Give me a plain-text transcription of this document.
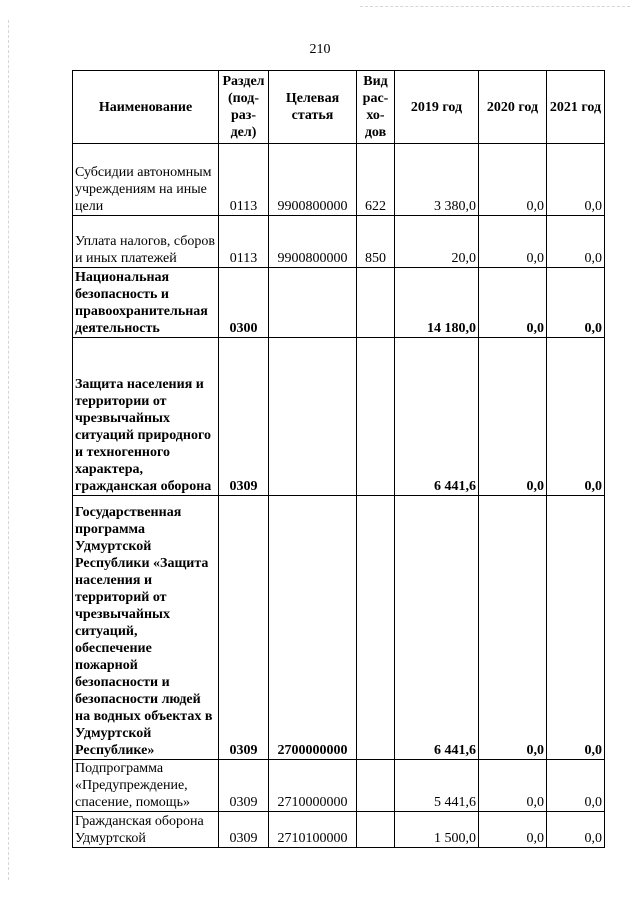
210
Наименование	Раздел (под-раз-дел)	Целевая статья	Вид рас-хо-дов	2019 год	2020 год	2021 год
Субсидии автономным учреждениям на иные цели	0113	9900800000	622	3 380,0	0,0	0,0
Уплата налогов, сборов и иных платежей	0113	9900800000	850	20,0	0,0	0,0
Национальная безопасность и правоохранительная деятельность	0300			14 180,0	0,0	0,0
Защита населения и территории от чрезвычайных ситуаций природного и техногенного характера, гражданская оборона	0309			6 441,6	0,0	0,0
Государственная программа Удмуртской Республики «Защита населения и территорий от чрезвычайных ситуаций, обеспечение пожарной безопасности и безопасности людей на водных объектах в Удмуртской Республике»	0309	2700000000		6 441,6	0,0	0,0
Подпрограмма «Предупреждение, спасение, помощь»	0309	2710000000		5 441,6	0,0	0,0
Гражданская оборона Удмуртской	0309	2710100000		1 500,0	0,0	0,0
